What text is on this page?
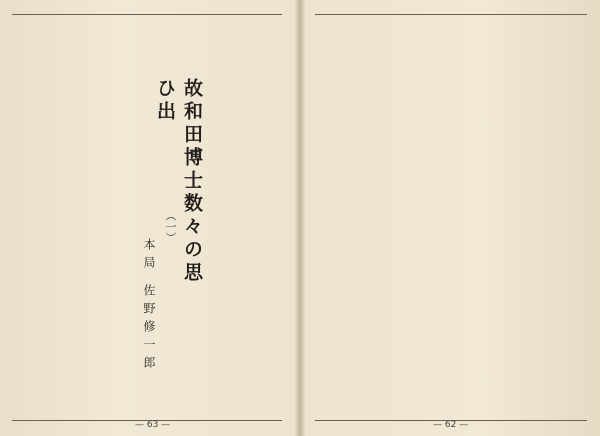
故和田博士数々の思ひ出
（一）
本局 佐野修一郎
— 63 —	— 62 —
